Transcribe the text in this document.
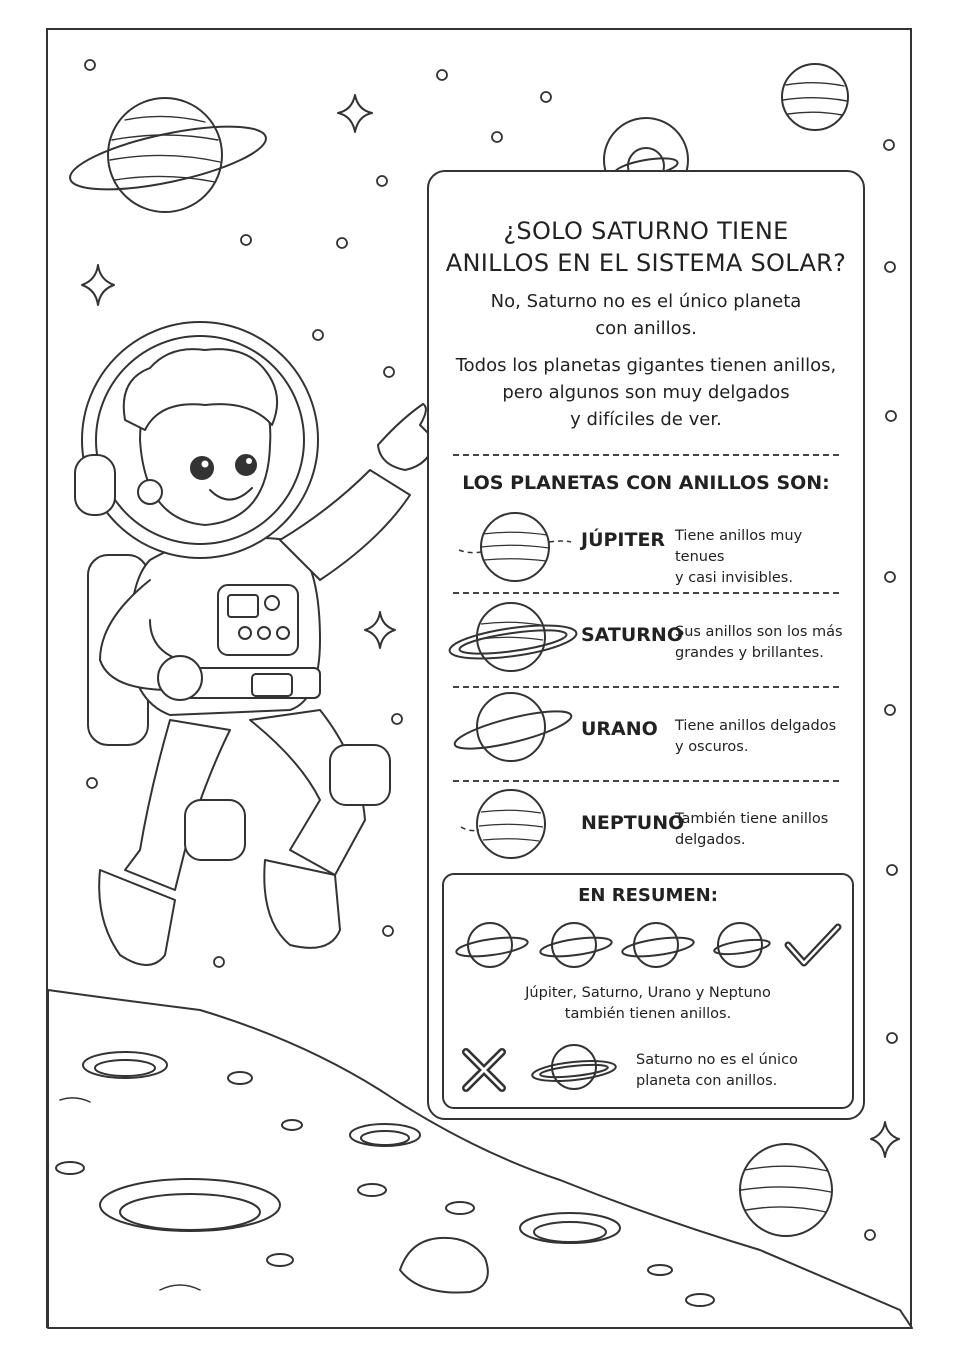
¿SOLO SATURNO TIENE
ANILLOS EN EL SISTEMA SOLAR?
No, Saturno no es el único planeta
con anillos.
Todos los planetas gigantes tienen anillos,
pero algunos son muy delgados
y difíciles de ver.
LOS PLANETAS CON ANILLOS SON:
JÚPITER Tiene anillos muy tenues
y casi invisibles.
SATURNO
Sus anillos son los más
grandes y brillantes.
URANO Tiene anillos delgados
y oscuros.
NEPTUNO
También tiene anillos
delgados.
EN RESUMEN:
Júpiter, Saturno, Urano y Neptuno
también tienen anillos.
Saturno no es el único
planeta con anillos.
